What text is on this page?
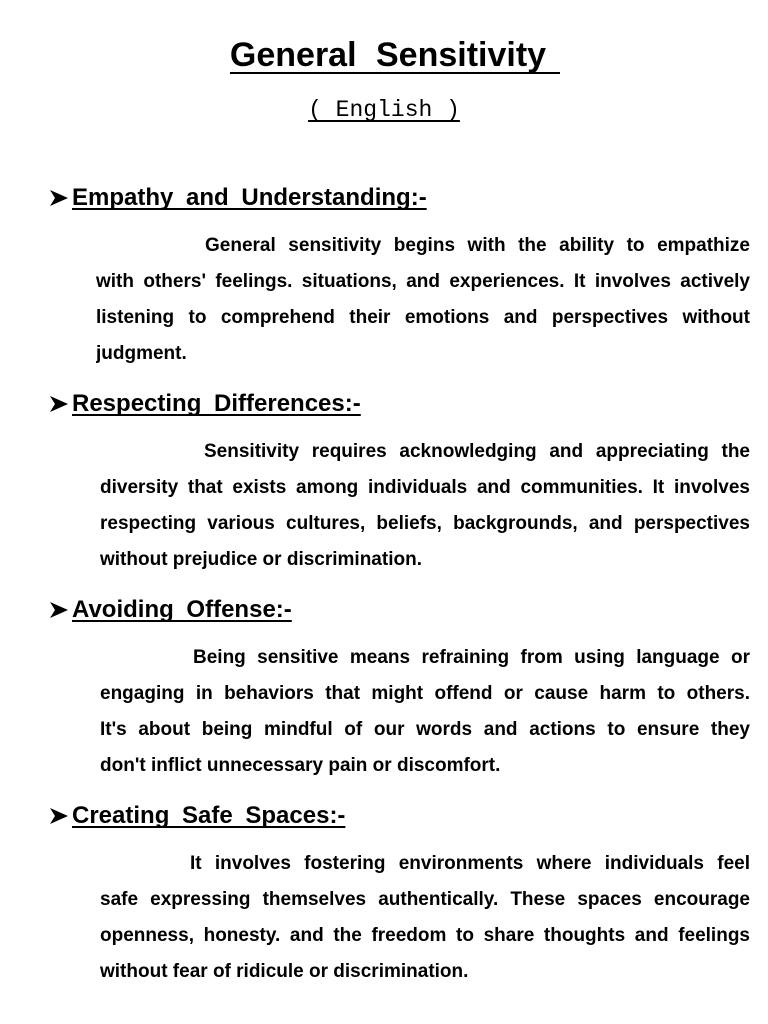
General Sensitivity
( English )
Empathy and Understanding:-
General sensitivity begins with the ability to empathize
with others' feelings. situations, and experiences. It involves actively
listening to comprehend their emotions and perspectives without
judgment.
Respecting Differences:-
Sensitivity requires acknowledging and appreciating the
diversity that exists among individuals and communities. It involves
respecting various cultures, beliefs, backgrounds, and perspectives
without prejudice or discrimination.
Avoiding Offense:-
Being sensitive means refraining from using language or
engaging in behaviors that might offend or cause harm to others.
It's about being mindful of our words and actions to ensure they
don't inflict unnecessary pain or discomfort.
Creating Safe Spaces:-
It involves fostering environments where individuals feel
safe expressing themselves authentically. These spaces encourage
openness, honesty. and the freedom to share thoughts and feelings
without fear of ridicule or discrimination.
